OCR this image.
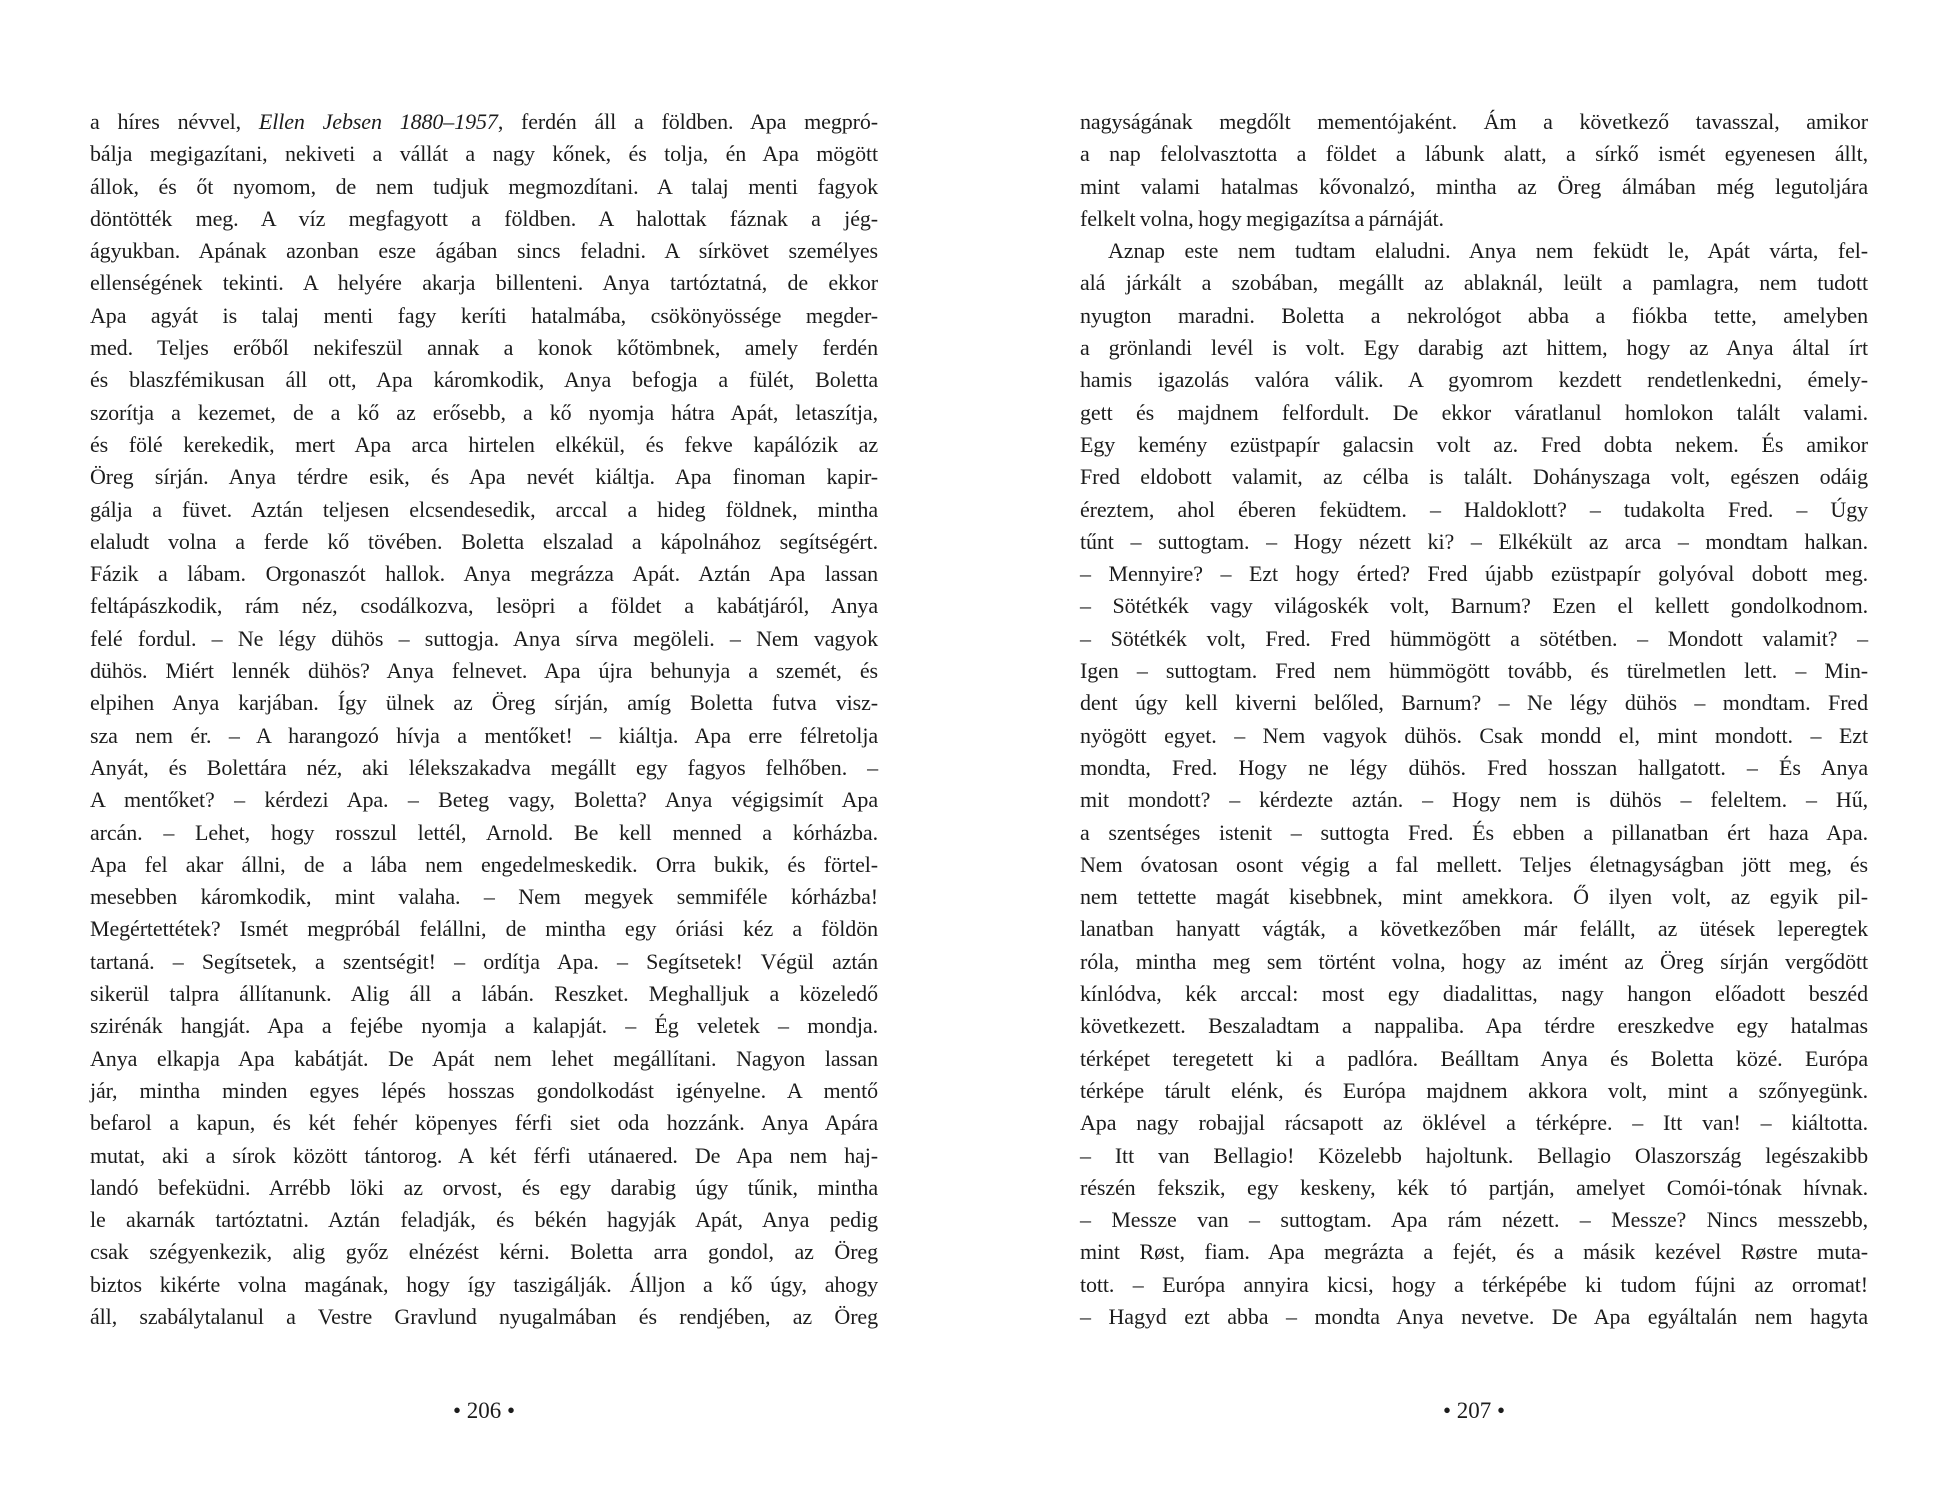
a híres névvel, Ellen Jebsen 1880–1957, ferdén áll a földben. Apa megpró-
bálja megigazítani, nekiveti a vállát a nagy kőnek, és tolja, én Apa mögött
állok, és őt nyomom, de nem tudjuk megmozdítani. A talaj menti fagyok
döntötték meg. A víz megfagyott a földben. A halottak fáznak a jég-
ágyukban. Apának azonban esze ágában sincs feladni. A sírkövet személyes
ellenségének tekinti. A helyére akarja billenteni. Anya tartóztatná, de ekkor
Apa agyát is talaj menti fagy keríti hatalmába, csökönyössége megder-
med. Teljes erőből nekifeszül annak a konok kőtömbnek, amely ferdén
és blaszfémikusan áll ott, Apa káromkodik, Anya befogja a fülét, Boletta
szorítja a kezemet, de a kő az erősebb, a kő nyomja hátra Apát, letaszítja,
és fölé kerekedik, mert Apa arca hirtelen elkékül, és fekve kapálózik az
Öreg sírján. Anya térdre esik, és Apa nevét kiáltja. Apa finoman kapir-
gálja a füvet. Aztán teljesen elcsendesedik, arccal a hideg földnek, mintha
elaludt volna a ferde kő tövében. Boletta elszalad a kápolnához segítségért.
Fázik a lábam. Orgonaszót hallok. Anya megrázza Apát. Aztán Apa lassan
feltápászkodik, rám néz, csodálkozva, lesöpri a földet a kabátjáról, Anya
felé fordul. – Ne légy dühös – suttogja. Anya sírva megöleli. – Nem vagyok
dühös. Miért lennék dühös? Anya felnevet. Apa újra behunyja a szemét, és
elpihen Anya karjában. Így ülnek az Öreg sírján, amíg Boletta futva visz-
sza nem ér. – A harangozó hívja a mentőket! – kiáltja. Apa erre félretolja
Anyát, és Bolettára néz, aki lélekszakadva megállt egy fagyos felhőben. –
A mentőket? – kérdezi Apa. – Beteg vagy, Boletta? Anya végigsimít Apa
arcán. – Lehet, hogy rosszul lettél, Arnold. Be kell menned a kórházba.
Apa fel akar állni, de a lába nem engedelmeskedik. Orra bukik, és förtel-
mesebben káromkodik, mint valaha. – Nem megyek semmiféle kórházba!
Megértettétek? Ismét megpróbál felállni, de mintha egy óriási kéz a földön
tartaná. – Segítsetek, a szentségit! – ordítja Apa. – Segítsetek! Végül aztán
sikerül talpra állítanunk. Alig áll a lábán. Reszket. Meghalljuk a közeledő
szirénák hangját. Apa a fejébe nyomja a kalapját. – Ég veletek – mondja.
Anya elkapja Apa kabátját. De Apát nem lehet megállítani. Nagyon lassan
jár, mintha minden egyes lépés hosszas gondolkodást igényelne. A mentő
befarol a kapun, és két fehér köpenyes férfi siet oda hozzánk. Anya Apára
mutat, aki a sírok között tántorog. A két férfi utánaered. De Apa nem haj-
landó befeküdni. Arrébb löki az orvost, és egy darabig úgy tűnik, mintha
le akarnák tartóztatni. Aztán feladják, és békén hagyják Apát, Anya pedig
csak szégyenkezik, alig győz elnézést kérni. Boletta arra gondol, az Öreg
biztos kikérte volna magának, hogy így taszigálják. Álljon a kő úgy, ahogy
áll, szabálytalanul a Vestre Gravlund nyugalmában és rendjében, az Öreg
nagyságának megdőlt mementójaként. Ám a következő tavasszal, amikor
a nap felolvasztotta a földet a lábunk alatt, a sírkő ismét egyenesen állt,
mint valami hatalmas kővonalzó, mintha az Öreg álmában még legutoljára
felkelt volna, hogy megigazítsa a párnáját.
Aznap este nem tudtam elaludni. Anya nem feküdt le, Apát várta, fel-
alá járkált a szobában, megállt az ablaknál, leült a pamlagra, nem tudott
nyugton maradni. Boletta a nekrológot abba a fiókba tette, amelyben
a grönlandi levél is volt. Egy darabig azt hittem, hogy az Anya által írt
hamis igazolás valóra válik. A gyomrom kezdett rendetlenkedni, émely-
gett és majdnem felfordult. De ekkor váratlanul homlokon talált valami.
Egy kemény ezüstpapír galacsin volt az. Fred dobta nekem. És amikor
Fred eldobott valamit, az célba is talált. Dohányszaga volt, egészen odáig
éreztem, ahol éberen feküdtem. – Haldoklott? – tudakolta Fred. – Úgy
tűnt – suttogtam. – Hogy nézett ki? – Elkékült az arca – mondtam halkan.
– Mennyire? – Ezt hogy érted? Fred újabb ezüstpapír golyóval dobott meg.
– Sötétkék vagy világoskék volt, Barnum? Ezen el kellett gondolkodnom.
– Sötétkék volt, Fred. Fred hümmögött a sötétben. – Mondott valamit? –
Igen – suttogtam. Fred nem hümmögött tovább, és türelmetlen lett. – Min-
dent úgy kell kiverni belőled, Barnum? – Ne légy dühös – mondtam. Fred
nyögött egyet. – Nem vagyok dühös. Csak mondd el, mint mondott. – Ezt
mondta, Fred. Hogy ne légy dühös. Fred hosszan hallgatott. – És Anya
mit mondott? – kérdezte aztán. – Hogy nem is dühös – feleltem. – Hű,
a szentséges istenit – suttogta Fred. És ebben a pillanatban ért haza Apa.
Nem óvatosan osont végig a fal mellett. Teljes életnagyságban jött meg, és
nem tettette magát kisebbnek, mint amekkora. Ő ilyen volt, az egyik pil-
lanatban hanyatt vágták, a következőben már felállt, az ütések leperegtek
róla, mintha meg sem történt volna, hogy az imént az Öreg sírján vergődött
kínlódva, kék arccal: most egy diadalittas, nagy hangon előadott beszéd
következett. Beszaladtam a nappaliba. Apa térdre ereszkedve egy hatalmas
térképet teregetett ki a padlóra. Beálltam Anya és Boletta közé. Európa
térképe tárult elénk, és Európa majdnem akkora volt, mint a szőnyegünk.
Apa nagy robajjal rácsapott az öklével a térképre. – Itt van! – kiáltotta.
– Itt van Bellagio! Közelebb hajoltunk. Bellagio Olaszország legészakibb
részén fekszik, egy keskeny, kék tó partján, amelyet Comói-tónak hívnak.
– Messze van – suttogtam. Apa rám nézett. – Messze? Nincs messzebb,
mint Røst, fiam. Apa megrázta a fejét, és a másik kezével Røstre muta-
tott. – Európa annyira kicsi, hogy a térképébe ki tudom fújni az orromat!
– Hagyd ezt abba – mondta Anya nevetve. De Apa egyáltalán nem hagyta
• 206 •	• 207 •
